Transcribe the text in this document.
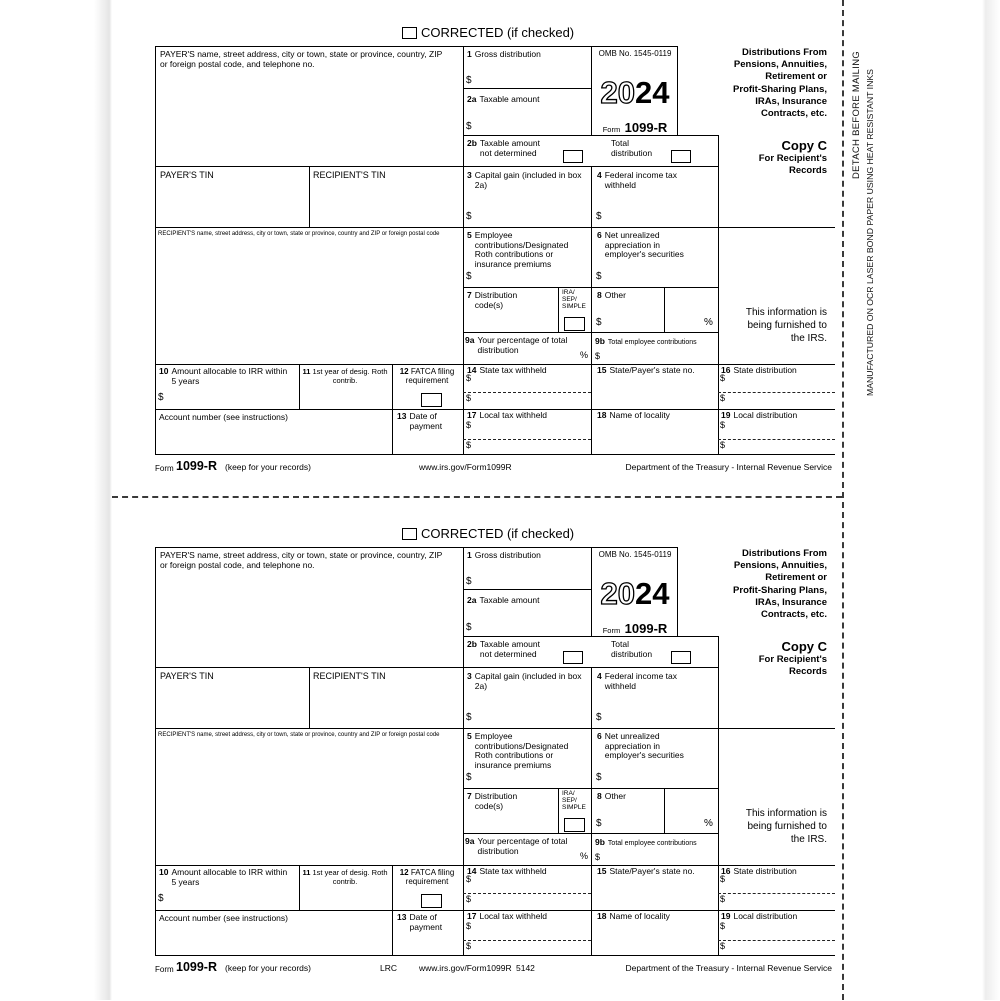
DETACH BEFORE MAILING MANUFACTURED ON OCR LASER BOND PAPER USING HEAT RESISTANT INKS
CORRECTED (if checked)
PAYER'S name, street address, city or town, state or province, country, ZIP or foreign postal code, and telephone no.
PAYER'S TIN	RECIPIENT'S TIN
RECIPIENT'S name, street address, city or town, state or province, country and ZIP or foreign postal code
1 Gross distribution
$
2a Taxable amount
$
OMB No. 1545-0119
2024
Form 1099-R
Distributions From
Pensions, Annuities,
Retirement or
Profit-Sharing Plans,
IRAs, Insurance
Contracts, etc.
Copy C
For Recipient's
Records
This information is
being furnished to
the IRS.
2b Taxable amount not determined
Total distribution
3 Capital gain (included in box 2a)
$
4 Federal income tax withheld
$
5 Employee contributions/Designated Roth contributions or insurance premiums
$
6 Net unrealized appreciation in employer's securities
$
7 Distribution code(s)
IRA/ SEP/ SIMPLE
8 Other
$	%
9a Your percentage of total distribution
%
9b Total employee contributions
$
10 Amount allocable to IRR within 5 years
$
11 1st year of desig. Roth contrib.
12 FATCA filing requirement
14 State tax withheld
$
$
15 State/Payer's state no.	16 State distribution
$
$
Account number (see instructions)	13 Date of payment
17 Local tax withheld
$
$
18 Name of locality	19 Local distribution
$
$
Form 1099-R (keep for your records)	www.irs.gov/Form1099R	Department of the Treasury - Internal Revenue Service
CORRECTED (if checked)
PAYER'S name, street address, city or town, state or province, country, ZIP or foreign postal code, and telephone no.
PAYER'S TIN	RECIPIENT'S TIN
RECIPIENT'S name, street address, city or town, state or province, country and ZIP or foreign postal code
1 Gross distribution
$
2a Taxable amount
$
OMB No. 1545-0119
2024
Form 1099-R
Distributions From
Pensions, Annuities,
Retirement or
Profit-Sharing Plans,
IRAs, Insurance
Contracts, etc.
Copy C
For Recipient's
Records
This information is
being furnished to
the IRS.
2b Taxable amount not determined
Total distribution
3 Capital gain (included in box 2a)
$
4 Federal income tax withheld
$
5 Employee contributions/Designated Roth contributions or insurance premiums
$
6 Net unrealized appreciation in employer's securities
$
7 Distribution code(s)
IRA/ SEP/ SIMPLE
8 Other
$	%
9a Your percentage of total distribution
%
9b Total employee contributions
$
10 Amount allocable to IRR within 5 years
$
11 1st year of desig. Roth contrib.
12 FATCA filing requirement
14 State tax withheld
$
$
15 State/Payer's state no.	16 State distribution
$
$
Account number (see instructions)	13 Date of payment
17 Local tax withheld
$
$
18 Name of locality	19 Local distribution
$
$
Form 1099-R (keep for your records)	LRC	www.irs.gov/Form1099R 5142	Department of the Treasury - Internal Revenue Service
